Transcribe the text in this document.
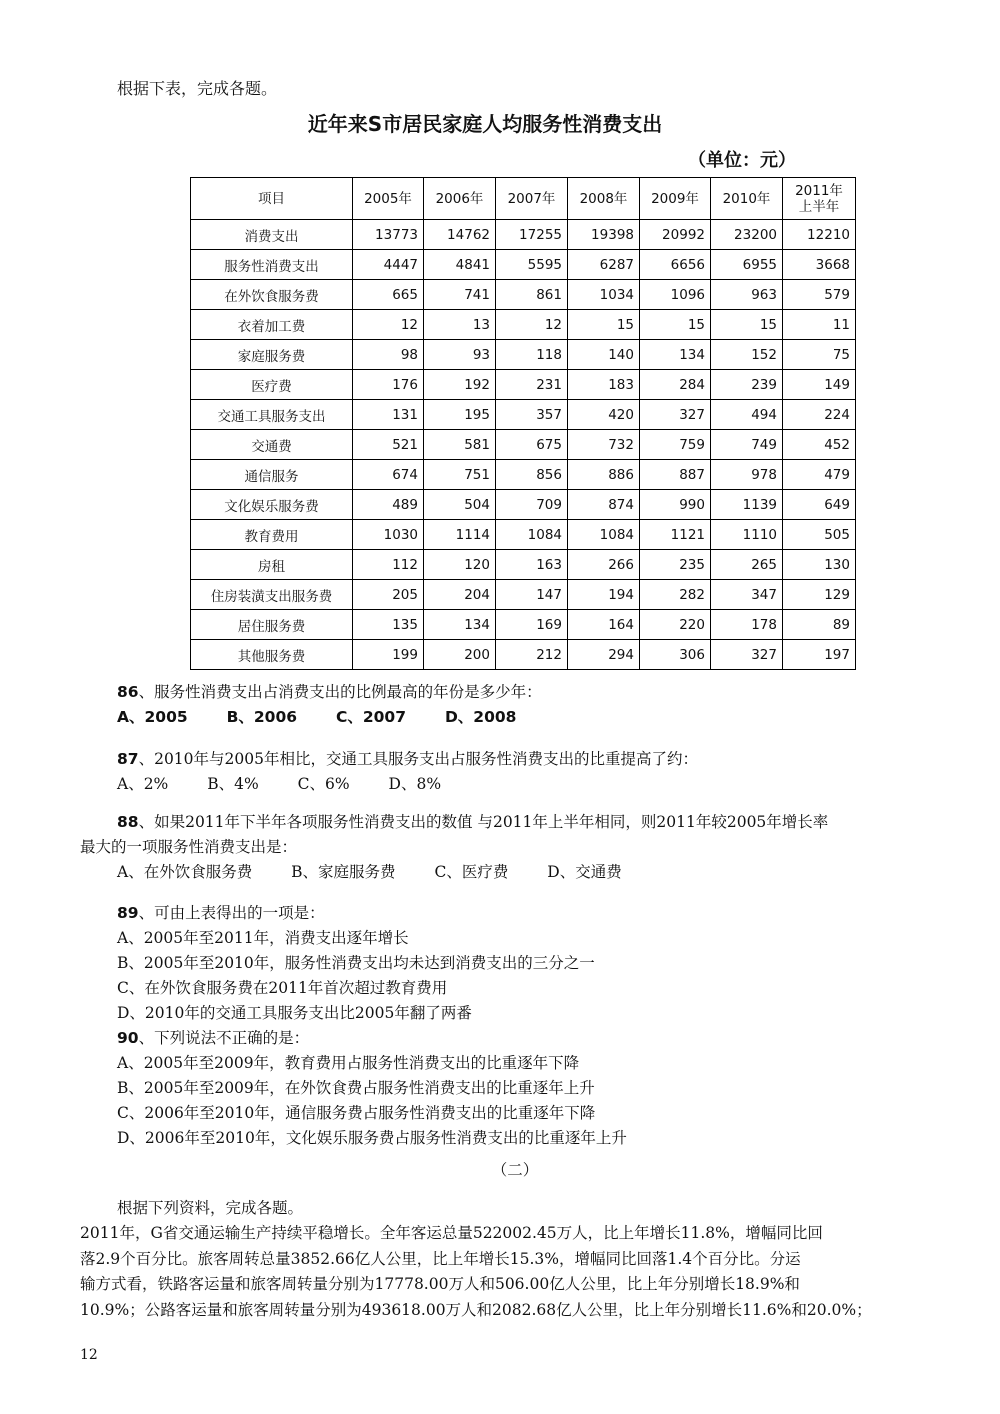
根据下表，完成各题。
近年来S市居民家庭人均服务性消费支出
（单位：元）
项目	2005年	2006年	2007年	2008年	2009年	2010年	2011年
上半年
消费支出	13773	14762	17255	19398	20992	23200	12210
服务性消费支出	4447	4841	5595	6287	6656	6955	3668
在外饮食服务费	665	741	861	1034	1096	963	579
衣着加工费	12	13	12	15	15	15	11
家庭服务费	98	93	118	140	134	152	75
医疗费	176	192	231	183	284	239	149
交通工具服务支出	131	195	357	420	327	494	224
交通费	521	581	675	732	759	749	452
通信服务	674	751	856	886	887	978	479
文化娱乐服务费	489	504	709	874	990	1139	649
教育费用	1030	1114	1084	1084	1121	1110	505
房租	112	120	163	266	235	265	130
住房装潢支出服务费	205	204	147	194	282	347	129
居住服务费	135	134	169	164	220	178	89
其他服务费	199	200	212	294	306	327	197
86、服务性消费支出占消费支出的比例最高的年份是多少年：
A、2005	B、2006	C、2007	D、2008
87、2010年与2005年相比，交通工具服务支出占服务性消费支出的比重提高了约：
A、2%	B、4%	C、6%	D、8%
88、如果2011年下半年各项服务性消费支出的数值 与2011年上半年相同，则2011年较2005年增长率
最大的一项服务性消费支出是：
A、在外饮食服务费	B、家庭服务费	C、医疗费	D、交通费
89、可由上表得出的一项是：
A、2005年至2011年，消费支出逐年增长
B、2005年至2010年，服务性消费支出均未达到消费支出的三分之一
C、在外饮食服务费在2011年首次超过教育费用
D、2010年的交通工具服务支出比2005年翻了两番
90、下列说法不正确的是：
A、2005年至2009年，教育费用占服务性消费支出的比重逐年下降
B、2005年至2009年，在外饮食费占服务性消费支出的比重逐年上升
C、2006年至2010年，通信服务费占服务性消费支出的比重逐年下降
D、2006年至2010年，文化娱乐服务费占服务性消费支出的比重逐年上升
（二）
根据下列资料，完成各题。
2011年，G省交通运输生产持续平稳增长。全年客运总量522002.45万人，比上年增长11.8%，增幅同比回
落2.9个百分比。旅客周转总量3852.66亿人公里，比上年增长15.3%，增幅同比回落1.4个百分比。分运
输方式看，铁路客运量和旅客周转量分别为17778.00万人和506.00亿人公里，比上年分别增长18.9%和
10.9%；公路客运量和旅客周转量分别为493618.00万人和2082.68亿人公里，比上年分别增长11.6%和20.0%；
12
